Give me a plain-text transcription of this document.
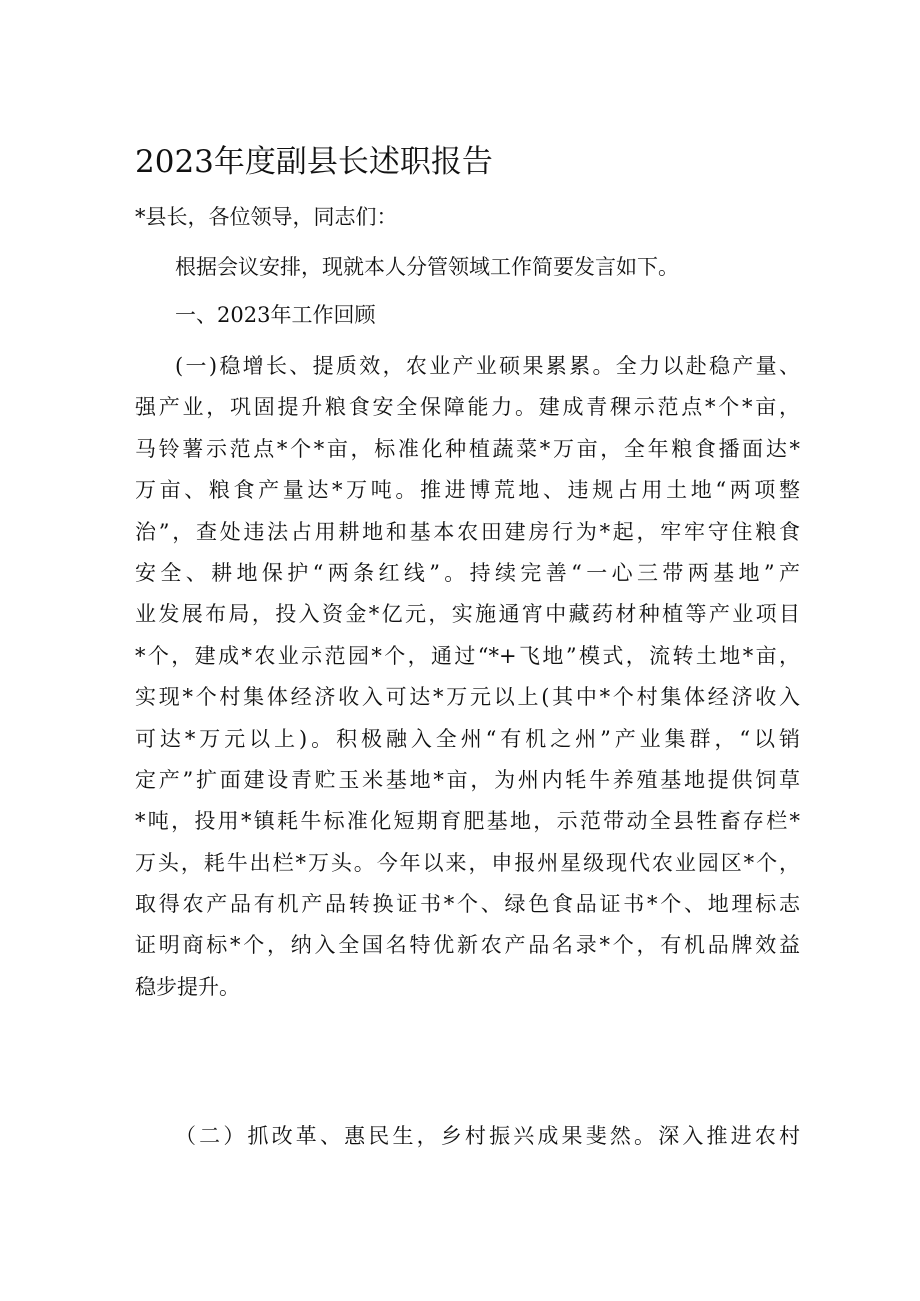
2023年度副县长述职报告

*县长，各位领导，同志们：

根据会议安排，现就本人分管领域工作简要发言如下。

一、2023年工作回顾

(一)稳增长、提质效，农业产业硕果累累。全力以赴稳产量、
强产业，巩固提升粮食安全保障能力。建成青稞示范点*个*亩，
马铃薯示范点*个*亩，标准化种植蔬菜*万亩，全年粮食播面达*
万亩、粮食产量达*万吨。推进博荒地、违规占用土地“两项整
治”，查处违法占用耕地和基本农田建房行为*起，牢牢守住粮食
安全、耕地保护“两条红线”。持续完善“一心三带两基地”产
业发展布局，投入资金*亿元，实施通宵中藏药材种植等产业项目
*个，建成*农业示范园*个，通过“*+飞地”模式，流转土地*亩，
实现*个村集体经济收入可达*万元以上(其中*个村集体经济收入
可达*万元以上)。积极融入全州“有机之州”产业集群，“以销
定产”扩面建设青贮玉米基地*亩，为州内牦牛养殖基地提供饲草
*吨，投用*镇耗牛标准化短期育肥基地，示范带动全县牲畜存栏*
万头，耗牛出栏*万头。今年以来，申报州星级现代农业园区*个，
取得农产品有机产品转换证书*个、绿色食品证书*个、地理标志
证明商标*个，纳入全国名特优新农产品名录*个，有机品牌效益
稳步提升。
（二）抓改革、惠民生，乡村振兴成果斐然。深入推进农村
